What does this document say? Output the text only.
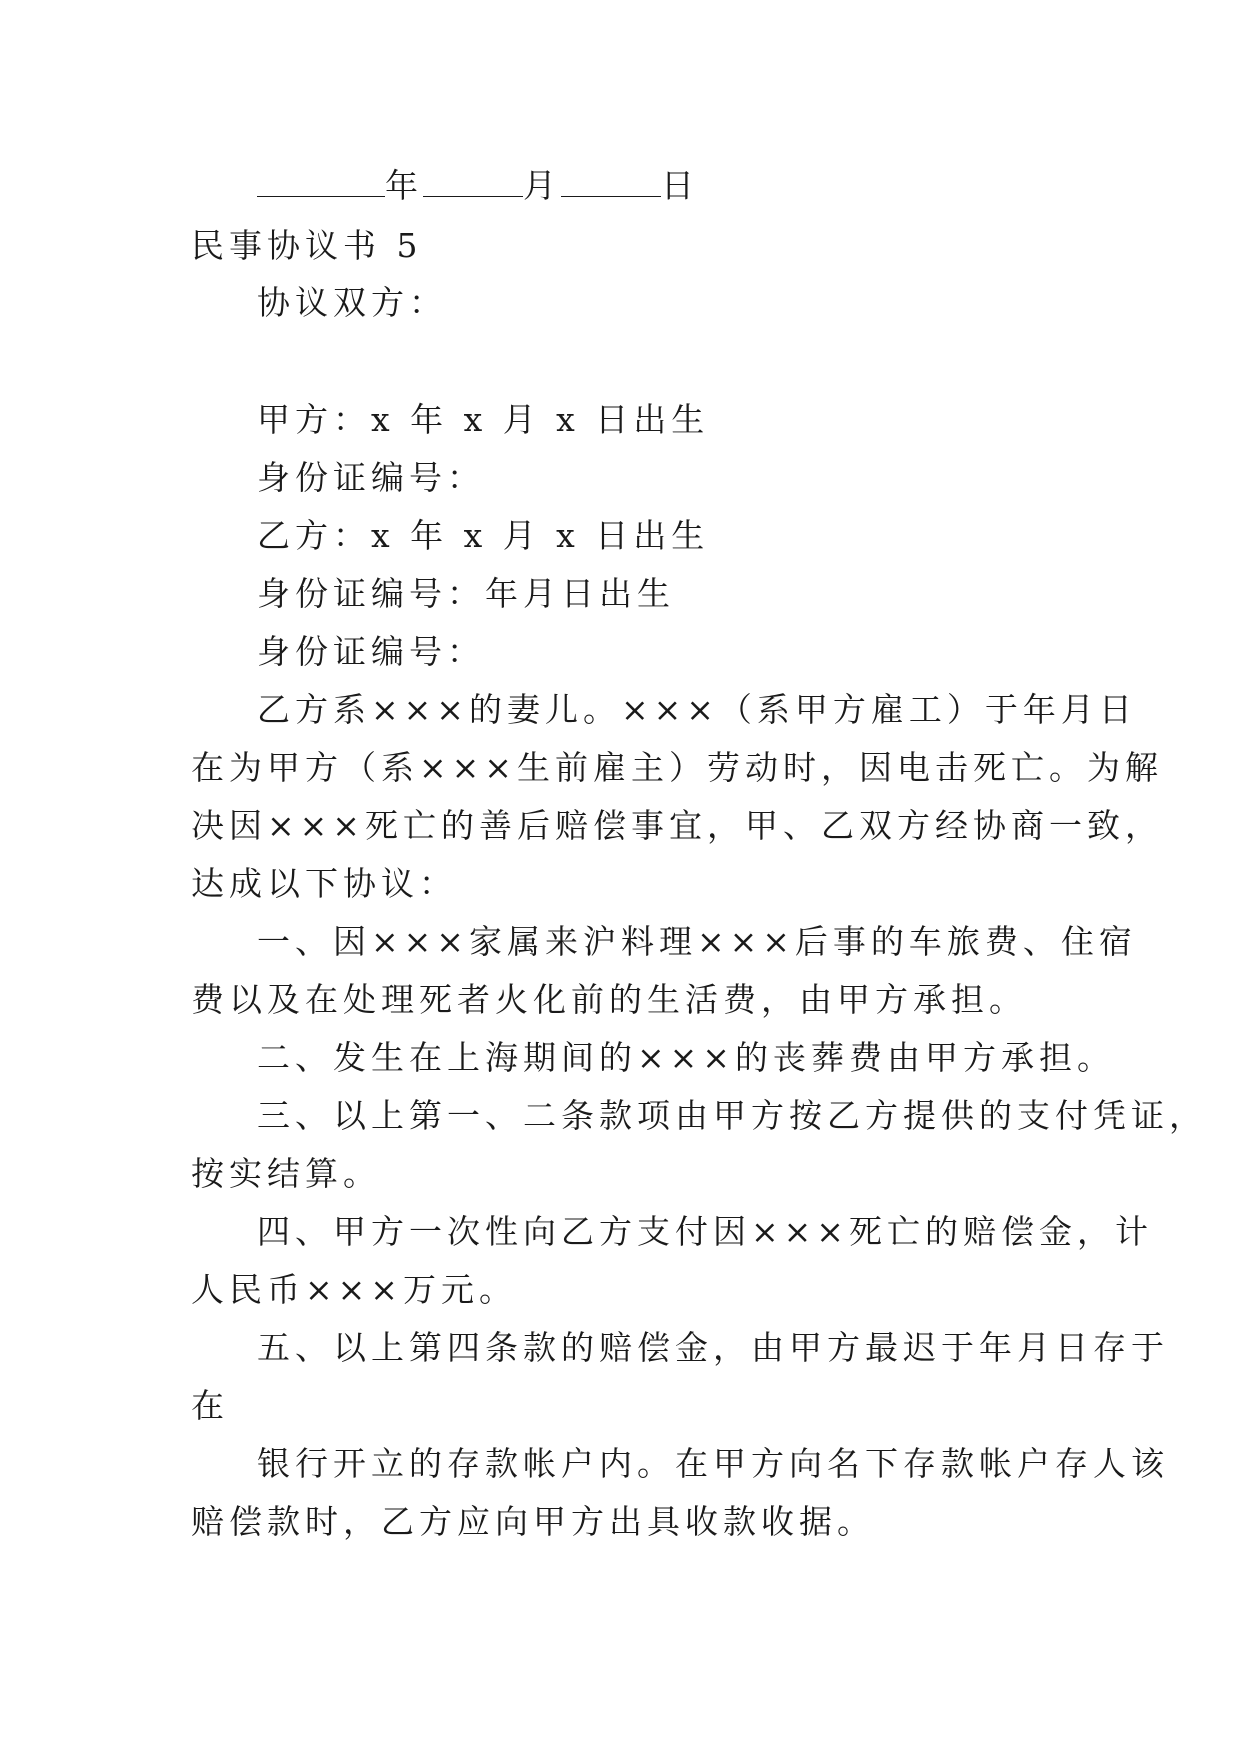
年	月	日
民事协议书 5
协议双方：
甲方：x 年 x 月 x 日出生
身份证编号：
乙方：x 年 x 月 x 日出生
身份证编号：年月日出生
身份证编号：
乙方系×××的妻儿。×××（系甲方雇工）于年月日
在为甲方（系×××生前雇主）劳动时，因电击死亡。为解
决因×××死亡的善后赔偿事宜，甲、乙双方经协商一致，
达成以下协议：
一、因×××家属来沪料理×××后事的车旅费、住宿
费以及在处理死者火化前的生活费，由甲方承担。
二、发生在上海期间的×××的丧葬费由甲方承担。
三、以上第一、二条款项由甲方按乙方提供的支付凭证，
按实结算。
四、甲方一次性向乙方支付因×××死亡的赔偿金，计
人民币×××万元。
五、以上第四条款的赔偿金，由甲方最迟于年月日存于
在
银行开立的存款帐户内。在甲方向名下存款帐户存人该
赔偿款时，乙方应向甲方出具收款收据。
